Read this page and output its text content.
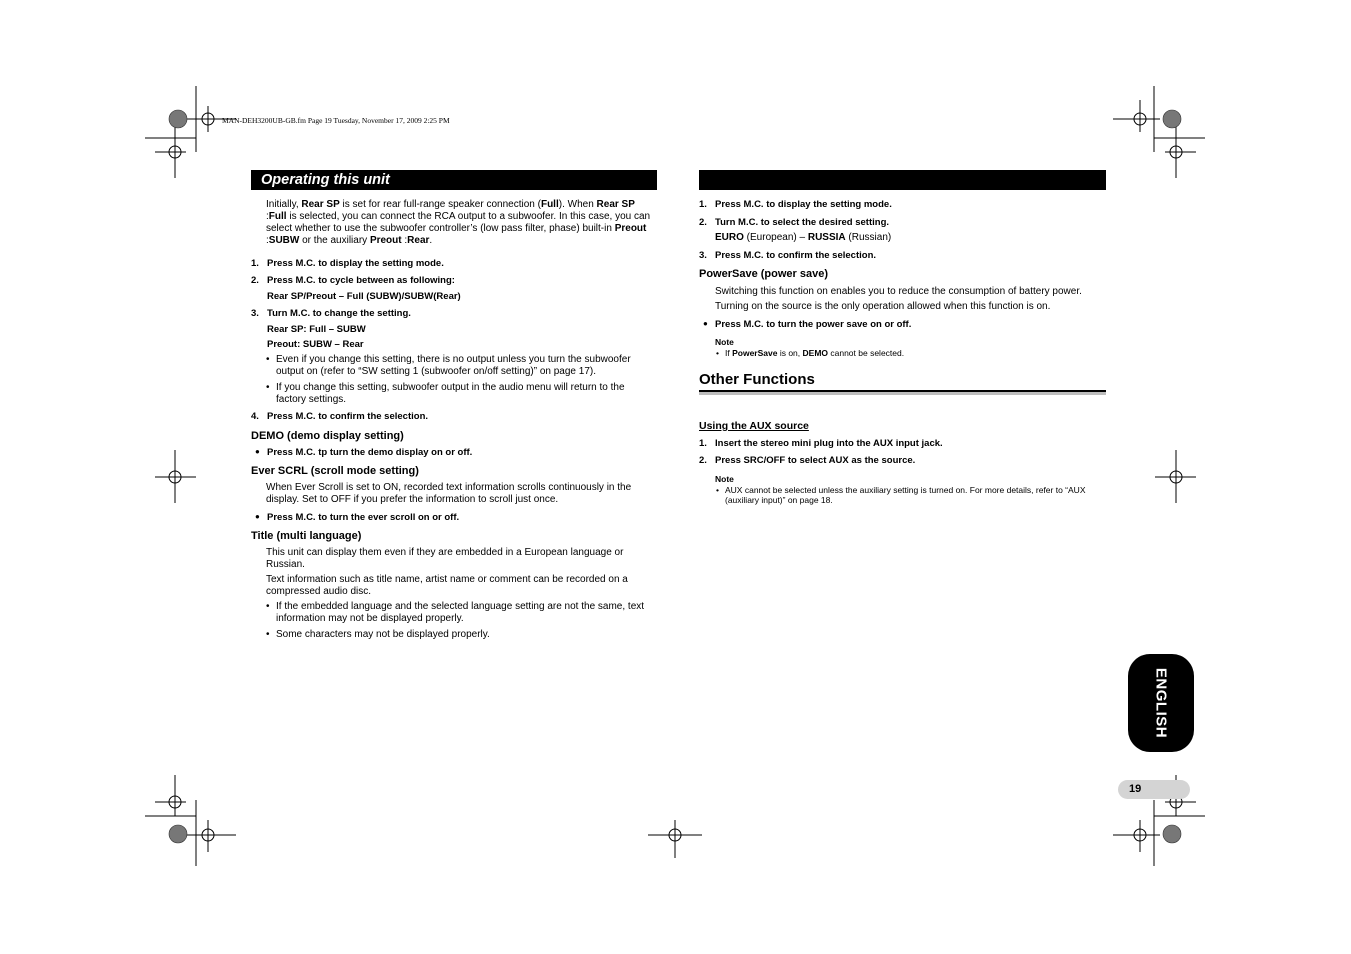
MAN-DEH3200UB-GB.fm Page 19 Tuesday, November 17, 2009 2:25 PM
Operating this unit

Initially, Rear SP is set for rear full-range speaker connection (Full). When Rear SP :Full is selected, you can connect the RCA output to a subwoofer. In this case, you can select whether to use the subwoofer controller’s (low pass filter, phase) built-in Preout :SUBW or the auxiliary Preout :Rear.

1. Press M.C. to display the setting mode.

2. Press M.C. to cycle between as following:

Rear SP/Preout – Full (SUBW)/SUBW(Rear)

3. Turn M.C. to change the setting.

Rear SP: Full – SUBW
Preout: SUBW – Rear
• Even if you change this setting, there is no output unless you turn the subwoofer output on (refer to “SW setting 1 (subwoofer on/off setting)” on page 17).
• If you change this setting, subwoofer output in the audio menu will return to the factory settings.

4. Press M.C. to confirm the selection.

DEMO (demo display setting)
● Press M.C. tp turn the demo display on or off.
Ever SCRL (scroll mode setting)
When Ever Scroll is set to ON, recorded text information scrolls continuously in the display. Set to OFF if you prefer the information to scroll just once.
● Press M.C. to turn the ever scroll on or off.
Title (multi language)
This unit can display them even if they are embedded in a European language or Russian.
Text information such as title name, artist name or comment can be recorded on a compressed audio disc.
• If the embedded language and the selected language setting are not the same, text information may not be displayed properly.
• Some characters may not be displayed properly.

1. Press M.C. to display the setting mode.

2. Turn M.C. to select the desired setting.

EURO (European) – RUSSIA (Russian)

3. Press M.C. to confirm the selection.

PowerSave (power save)
Switching this function on enables you to reduce the consumption of battery power.
Turning on the source is the only operation allowed when this function is on.
● Press M.C. to turn the power save on or off.
Note
• If PowerSave is on, DEMO cannot be selected.
Other Functions
Using the AUX source

1. Insert the stereo mini plug into the AUX input jack.

2. Press SRC/OFF to select AUX as the source.

Note
• AUX cannot be selected unless the auxiliary setting is turned on. For more details, refer to “AUX (auxiliary input)” on page 18.
ENGLISH
19
